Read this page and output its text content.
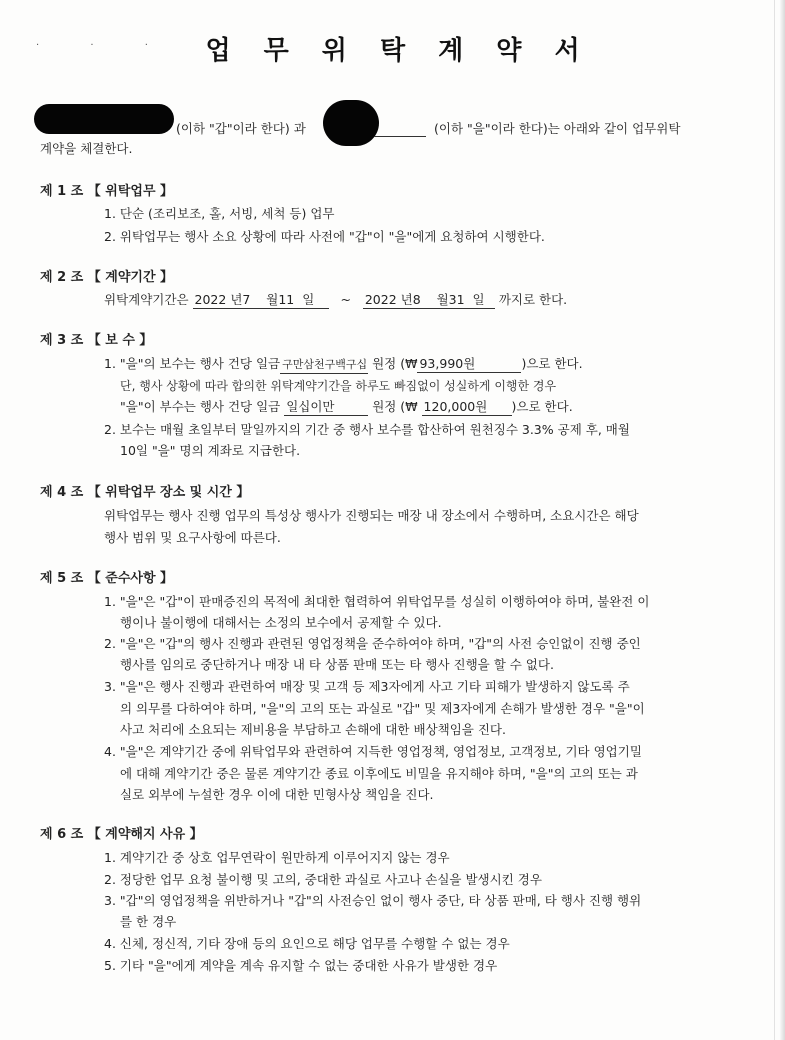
· · ·	업 무 위 탁 계 약 서
(이하 "갑"이라 한다) 과	(이하 "을"이라 한다)는 아래와 같이 업무위탁
계약을 체결한다.
제 1 조 【 위탁업무 】
1. 단순 (조리보조, 홀, 서빙, 세척 등) 업무
2. 위탁업무는 행사 소요 상황에 따라 사전에 "갑"이 "을"에게 요청하여 시행한다.
제 2 조 【 계약기간 】
위탁계약기간은 2022 년7 월11 일 ~ 2022 년8 월31 일 까지로 한다.
제 3 조 【 보 수 】
1. "을"의 보수는 행사 건당 일금 구만삼천구백구십 원정 (₩ 93,990원	)으로 한다.
단, 행사 상황에 따라 합의한 위탁계약기간을 하루도 빠짐없이 성실하게 이행한 경우
"을"이 부수는 행사 건당 일금 일십이만	원정 (₩ 120,000원 )으로 한다.
2. 보수는 매월 초일부터 말일까지의 기간 중 행사 보수를 합산하여 원천징수 3.3% 공제 후, 매월
10일 "을" 명의 계좌로 지급한다.
제 4 조 【 위탁업무 장소 및 시간 】
위탁업무는 행사 진행 업무의 특성상 행사가 진행되는 매장 내 장소에서 수행하며, 소요시간은 해당
행사 범위 및 요구사항에 따른다.
제 5 조 【 준수사항 】
1. "을"은 "갑"이 판매증진의 목적에 최대한 협력하여 위탁업무를 성실히 이행하여야 하며, 불완전 이
행이나 불이행에 대해서는 소정의 보수에서 공제할 수 있다.
2. "을"은 "갑"의 행사 진행과 관련된 영업정책을 준수하여야 하며, "갑"의 사전 승인없이 진행 중인
행사를 임의로 중단하거나 매장 내 타 상품 판매 또는 타 행사 진행을 할 수 없다.
3. "을"은 행사 진행과 관련하여 매장 및 고객 등 제3자에게 사고 기타 피해가 발생하지 않도록 주
의 의무를 다하여야 하며, "을"의 고의 또는 과실로 "갑" 및 제3자에게 손해가 발생한 경우 "을"이
사고 처리에 소요되는 제비용을 부담하고 손해에 대한 배상책임을 진다.
4. "을"은 계약기간 중에 위탁업무와 관련하여 지득한 영업정책, 영업정보, 고객정보, 기타 영업기밀
에 대해 계약기간 중은 물론 계약기간 종료 이후에도 비밀을 유지해야 하며, "을"의 고의 또는 과
실로 외부에 누설한 경우 이에 대한 민형사상 책임을 진다.
제 6 조 【 계약해지 사유 】
1. 계약기간 중 상호 업무연락이 원만하게 이루어지지 않는 경우
2. 정당한 업무 요청 불이행 및 고의, 중대한 과실로 사고나 손실을 발생시킨 경우
3. "갑"의 영업정책을 위반하거나 "갑"의 사전승인 없이 행사 중단, 타 상품 판매, 타 행사 진행 행위
를 한 경우
4. 신체, 정신적, 기타 장애 등의 요인으로 해당 업무를 수행할 수 없는 경우
5. 기타 "을"에게 계약을 계속 유지할 수 없는 중대한 사유가 발생한 경우
